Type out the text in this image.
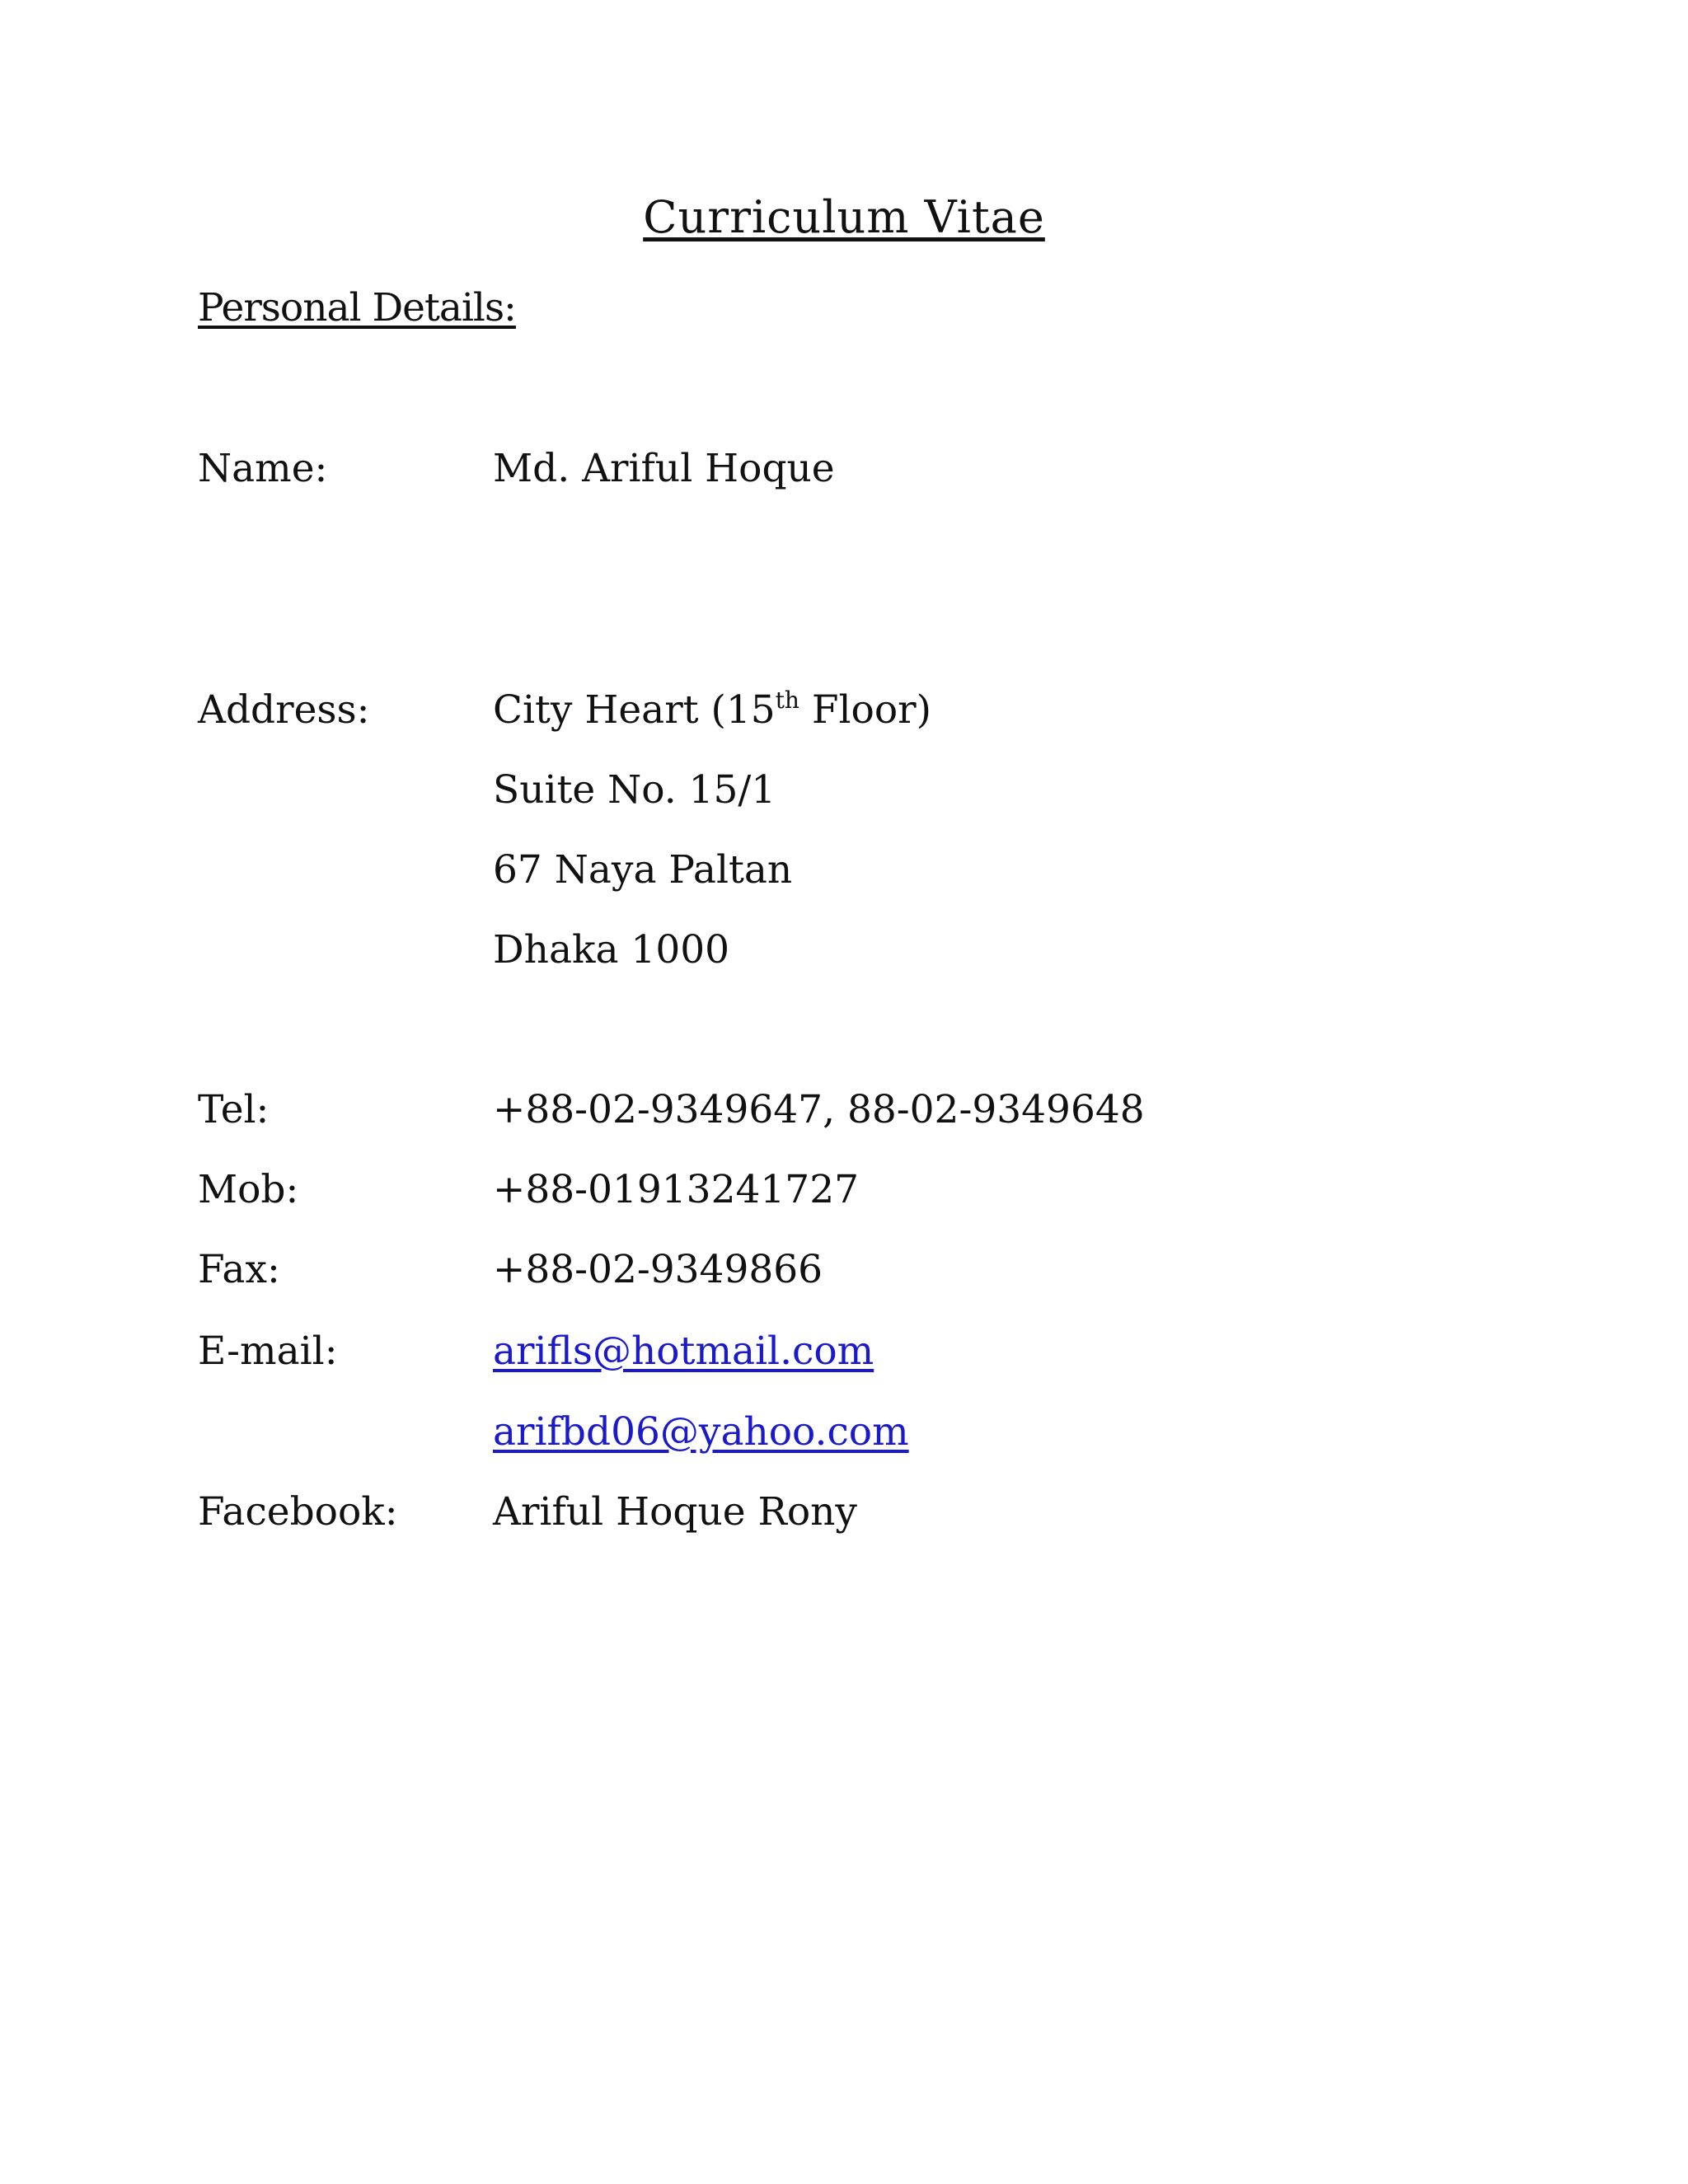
Curriculum Vitae
Personal Details:
Name:	Md. Ariful Hoque
Address:	City Heart (15th Floor)
Suite No. 15/1
67 Naya Paltan
Dhaka 1000
Tel:	+88-02-9349647, 88-02-9349648
Mob:	+88-01913241727
Fax:	+88-02-9349866
E-mail:	arifls@hotmail.com
arifbd06@yahoo.com
Facebook: Ariful Hoque Rony
